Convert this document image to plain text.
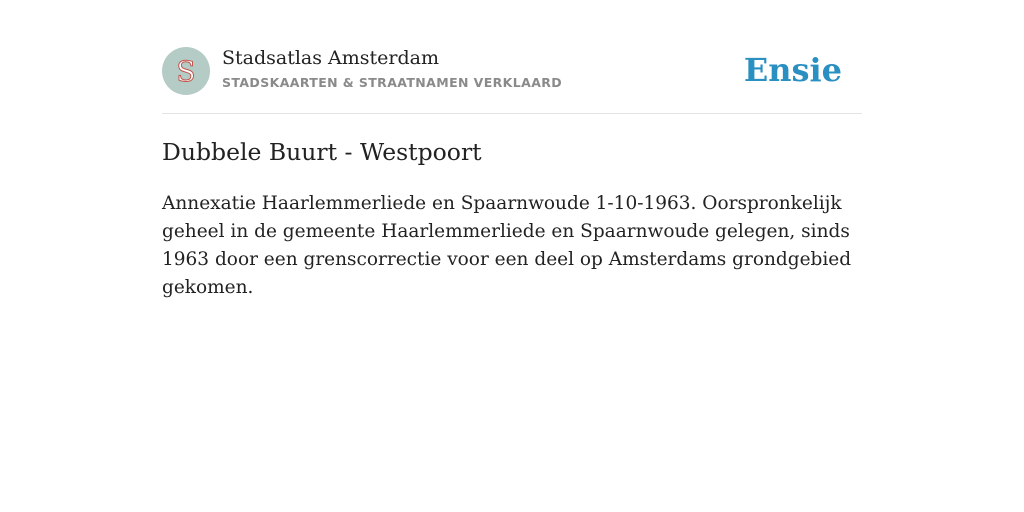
S Stadsatlas Amsterdam
STADSKAARTEN & STRAATNAMEN VERKLAARD	Ensie
Dubbele Buurt - Westpoort

Annexatie Haarlemmerliede en Spaarnwoude 1-10-1963. Oorspronkelijk geheel in de gemeente Haarlemmerliede en Spaarnwoude gelegen, sinds 1963 door een grenscorrectie voor een deel op Amsterdams grondgebied gekomen.
